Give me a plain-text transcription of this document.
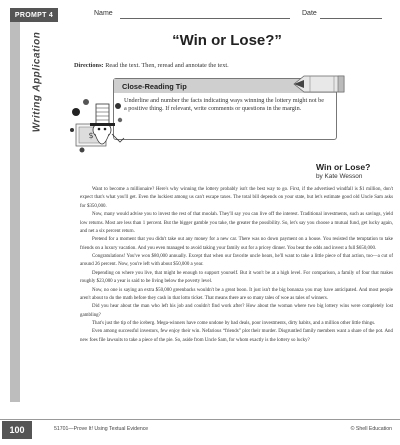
PROMPT 4
Writing Application
Name	Date
“Win or Lose?”
Directions: Read the text. Then, reread and annotate the text.
Close-Reading Tip
Underline and number the facts indicating ways winning the lottery might not be a positive thing. If relevant, write comments or questions in the margin.
$
Win or Lose?
by Kate Wesson

Want to become a millionaire? Here's why winning the lottery probably isn't the best way to go. First, if the advertised windfall is $1 million, don't expect that's what you'll get. Even the luckiest among us can't escape taxes. The total bill depends on your state, but let's estimate good old Uncle Sam asks for $350,000.

Now, many would advise you to invest the rest of that moolah. They'll say you can live off the interest. Traditional investments, such as savings, yield low returns. Most are less than 1 percent. But the bigger gamble you take, the greater the possibility. So, let's say you choose a mutual fund, get lucky again, and net a six percent return.

Pretend for a moment that you didn't take out any money for a new car. There was no down payment on a house. You resisted the temptation to take friends on a luxury vacation. And you even managed to avoid taking your family out for a pricey dinner. You beat the odds and invest a full $650,000.

Congratulations! You've won $80,000 annually. Except that when our favorite uncle hears, he'll want to take a little piece of that action, too—a cut of around 26 percent. Now, you're left with about $50,000 a year.

Depending on where you live, that might be enough to support yourself. But it won't be at a high level. For comparison, a family of four that makes roughly $23,000 a year is said to be living below the poverty level.

Now, no one is saying an extra $50,000 greenbacks wouldn't be a great boon. It just isn't the big bonanza you may have anticipated. And most people aren't about to do the math before they cash in that lotto ticket. That means there are so many tales of woe as tales of winners.

Did you hear about the man who left his job and couldn't find work after? How about the woman where two big lottery wins were completely lost gambling?

That's just the tip of the iceberg. Mega-winners have come undone by bad deals, poor investments, dirty habits, and a million other little things.

Even among successful investors, few enjoy their win. Nefarious “friends” plot their murder. Disgruntled family members want a share of the pot. And new foes file lawsuits to take a piece of the pie. So, aside from Uncle Sam, for whom exactly is the lottery so lucky?

100	51701—Prove It! Using Textual Evidence	© Shell Education
